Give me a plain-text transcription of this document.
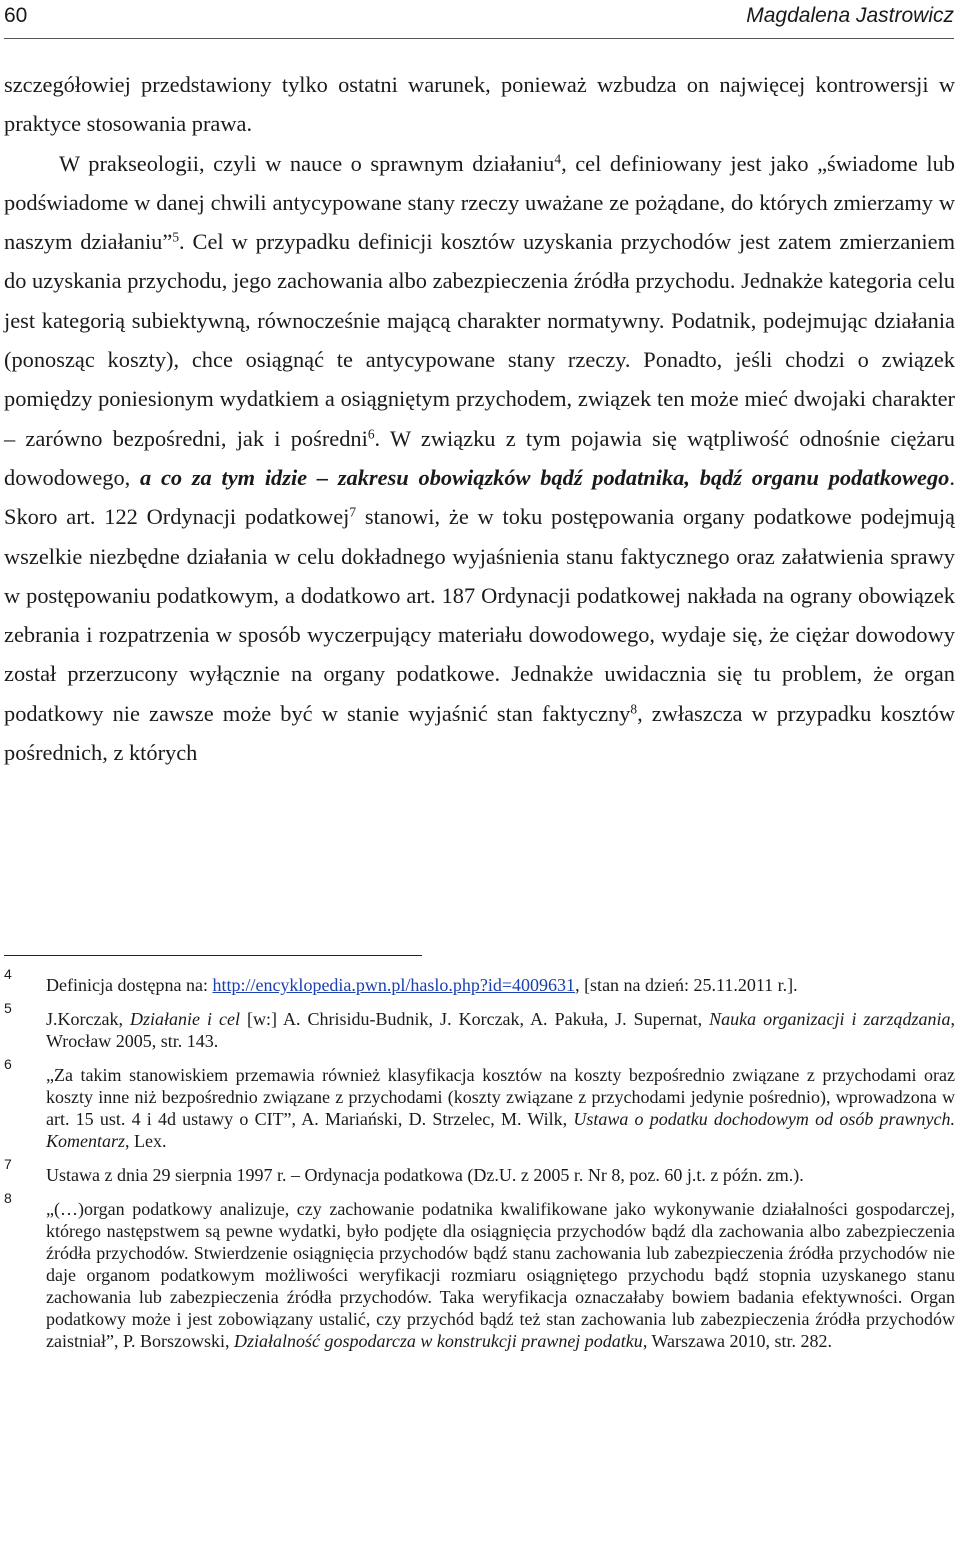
60	Magdalena Jastrowicz

szczegółowiej przedstawiony tylko ostatni warunek, ponieważ wzbudza on najwięcej kontrowersji w praktyce stosowania prawa.

W prakseologii, czyli w nauce o sprawnym działaniu$^4$, cel definiowany jest jako „świadome lub podświadome w danej chwili antycypowane stany rzeczy uważane ze pożądane, do których zmierzamy w naszym działaniu”$^5$. Cel w przypadku definicji kosztów uzyskania przychodów jest zatem zmierzaniem do uzyskania przychodu, jego zachowania albo zabezpieczenia źródła przychodu. Jednakże kategoria celu jest kategorią subiektywną, równocześnie mającą charakter normatywny. Podatnik, podejmując działania (ponosząc koszty), chce osiągnąć te antycypowane stany rzeczy. Ponadto, jeśli chodzi o związek pomiędzy poniesionym wydatkiem a osiągniętym przychodem, związek ten może mieć dwojaki charakter – zarówno bezpośredni, jak i pośredni$^6$. W związku z tym pojawia się wątpliwość odnośnie ciężaru dowodowego, a co za tym idzie – zakresu obowiązków bądź podatnika, bądź organu podatkowego. Skoro art. 122 Ordynacji podatkowej$^7$ stanowi, że w toku postępowania organy podatkowe podejmują wszelkie niezbędne działania w celu dokładnego wyjaśnienia stanu faktycznego oraz załatwienia sprawy w postępowaniu podatkowym, a dodatkowo art. 187 Ordynacji podatkowej nakłada na ograny obowiązek zebrania i rozpatrzenia w sposób wyczerpujący materiału dowodowego, wydaje się, że ciężar dowodowy został przerzucony wyłącznie na organy podatkowe. Jednakże uwidacznia się tu problem, że organ podatkowy nie zawsze może być w stanie wyjaśnić stan faktyczny$^8$, zwłaszcza w przypadku kosztów pośrednich, z których

4
Definicja dostępna na: http://encyklopedia.pwn.pl/haslo.php?id=4009631, [stan na dzień: 25.11.2011 r.].
5
J.Korczak, Działanie i cel [w:] A. Chrisidu-Budnik, J. Korczak, A. Pakuła, J. Supernat, Nauka organizacji i zarządzania, Wrocław 2005, str. 143.
6
„Za takim stanowiskiem przemawia również klasyfikacja kosztów na koszty bezpośrednio związane z przychodami oraz koszty inne niż bezpośrednio związane z przychodami (koszty związane z przychodami jedynie pośrednio), wprowadzona w art. 15 ust. 4 i 4d ustawy o CIT”, A. Mariański, D. Strzelec, M. Wilk, Ustawa o podatku dochodowym od osób prawnych. Komentarz, Lex.
7
Ustawa z dnia 29 sierpnia 1997 r. – Ordynacja podatkowa (Dz.U. z 2005 r. Nr 8, poz. 60 j.t. z późn. zm.).
8
„(…)organ podatkowy analizuje, czy zachowanie podatnika kwalifikowane jako wykonywanie działalności gospodarczej, którego następstwem są pewne wydatki, było podjęte dla osiągnięcia przychodów bądź dla zachowania albo zabezpieczenia źródła przychodów. Stwierdzenie osiągnięcia przychodów bądź stanu zachowania lub zabezpieczenia źródła przychodów nie daje organom podatkowym możliwości weryfikacji rozmiaru osiągniętego przychodu bądź stopnia uzyskanego stanu zachowania lub zabezpieczenia źródła przychodów. Taka weryfikacja oznaczałaby bowiem badania efektywności. Organ podatkowy może i jest zobowiązany ustalić, czy przychód bądź też stan zachowania lub zabezpieczenia źródła przychodów zaistniał”, P. Borszowski, Działalność gospodarcza w konstrukcji prawnej podatku, Warszawa 2010, str. 282.
